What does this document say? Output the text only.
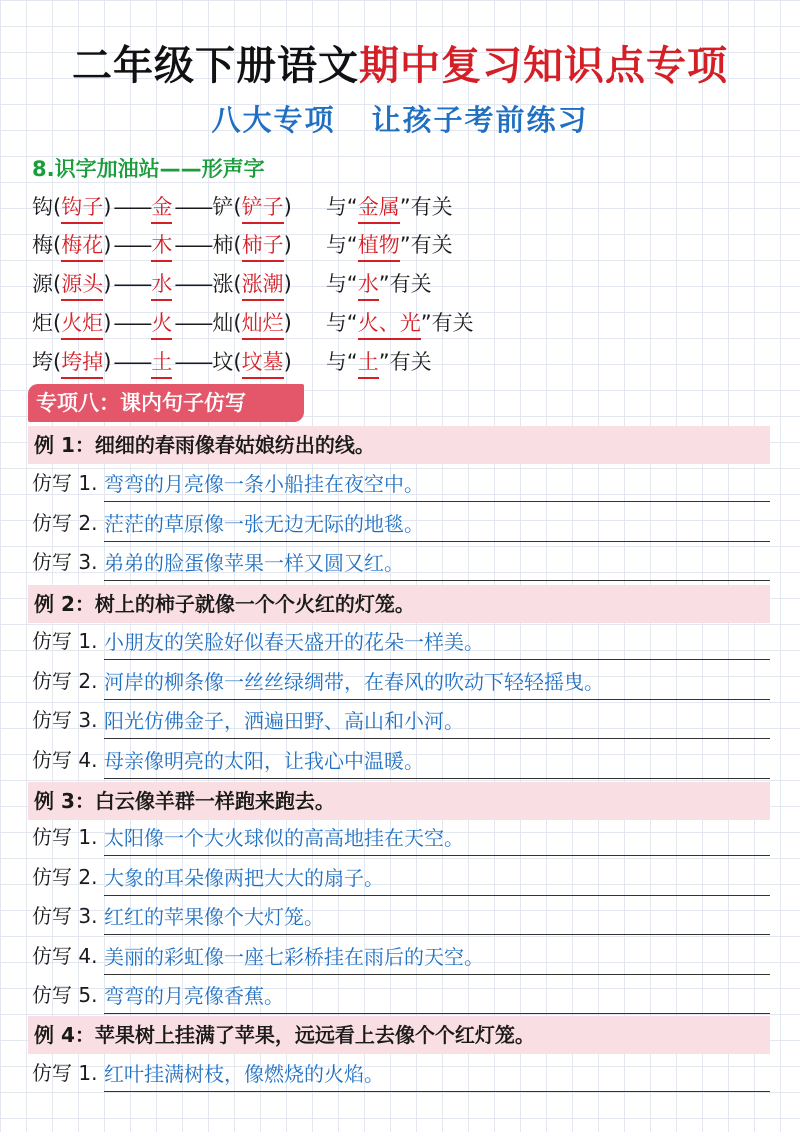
二年级下册语文期中复习知识点专项
八大专项 让孩子考前练习
8.识字加油站——形声字
钩(钩子)——金——铲(铲子) 与“金属”有关
梅(梅花)——木——柿(柿子) 与“植物”有关
源(源头)——水——涨(涨潮) 与“水”有关
炬(火炬)——火——灿(灿烂) 与“火、光”有关
垮(垮掉)——土——坟(坟墓) 与“土”有关
专项八：课内句子仿写
例 1：细细的春雨像春姑娘纺出的线。
仿写 1. 弯弯的月亮像一条小船挂在夜空中。
仿写 2. 茫茫的草原像一张无边无际的地毯。
仿写 3. 弟弟的脸蛋像苹果一样又圆又红。
例 2：树上的柿子就像一个个火红的灯笼。
仿写 1. 小朋友的笑脸好似春天盛开的花朵一样美。
仿写 2. 河岸的柳条像一丝丝绿绸带，在春风的吹动下轻轻摇曳。
仿写 3. 阳光仿佛金子，洒遍田野、高山和小河。
仿写 4. 母亲像明亮的太阳，让我心中温暖。
例 3：白云像羊群一样跑来跑去。
仿写 1. 太阳像一个大火球似的高高地挂在天空。
仿写 2. 大象的耳朵像两把大大的扇子。
仿写 3. 红红的苹果像个大灯笼。
仿写 4. 美丽的彩虹像一座七彩桥挂在雨后的天空。
仿写 5. 弯弯的月亮像香蕉。
例 4：苹果树上挂满了苹果，远远看上去像个个红灯笼。
仿写 1. 红叶挂满树枝，像燃烧的火焰。
